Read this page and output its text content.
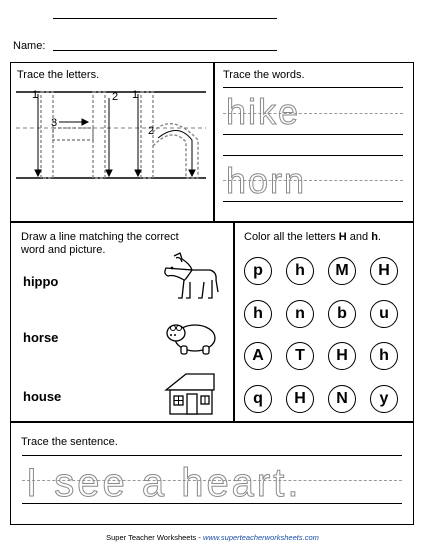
Name:
Trace the letters.
1	2
3
1
2
Trace the words.
hike
horn
Draw a line matching the correct
word and picture.
hippo
horse
house
Color all the letters H and h.
p	h	M	H
h	n	b	u
A	T	H	h
q	H	N	y
Trace the sentence.
I see a heart.
Super Teacher Worksheets - www.superteacherworksheets.com
